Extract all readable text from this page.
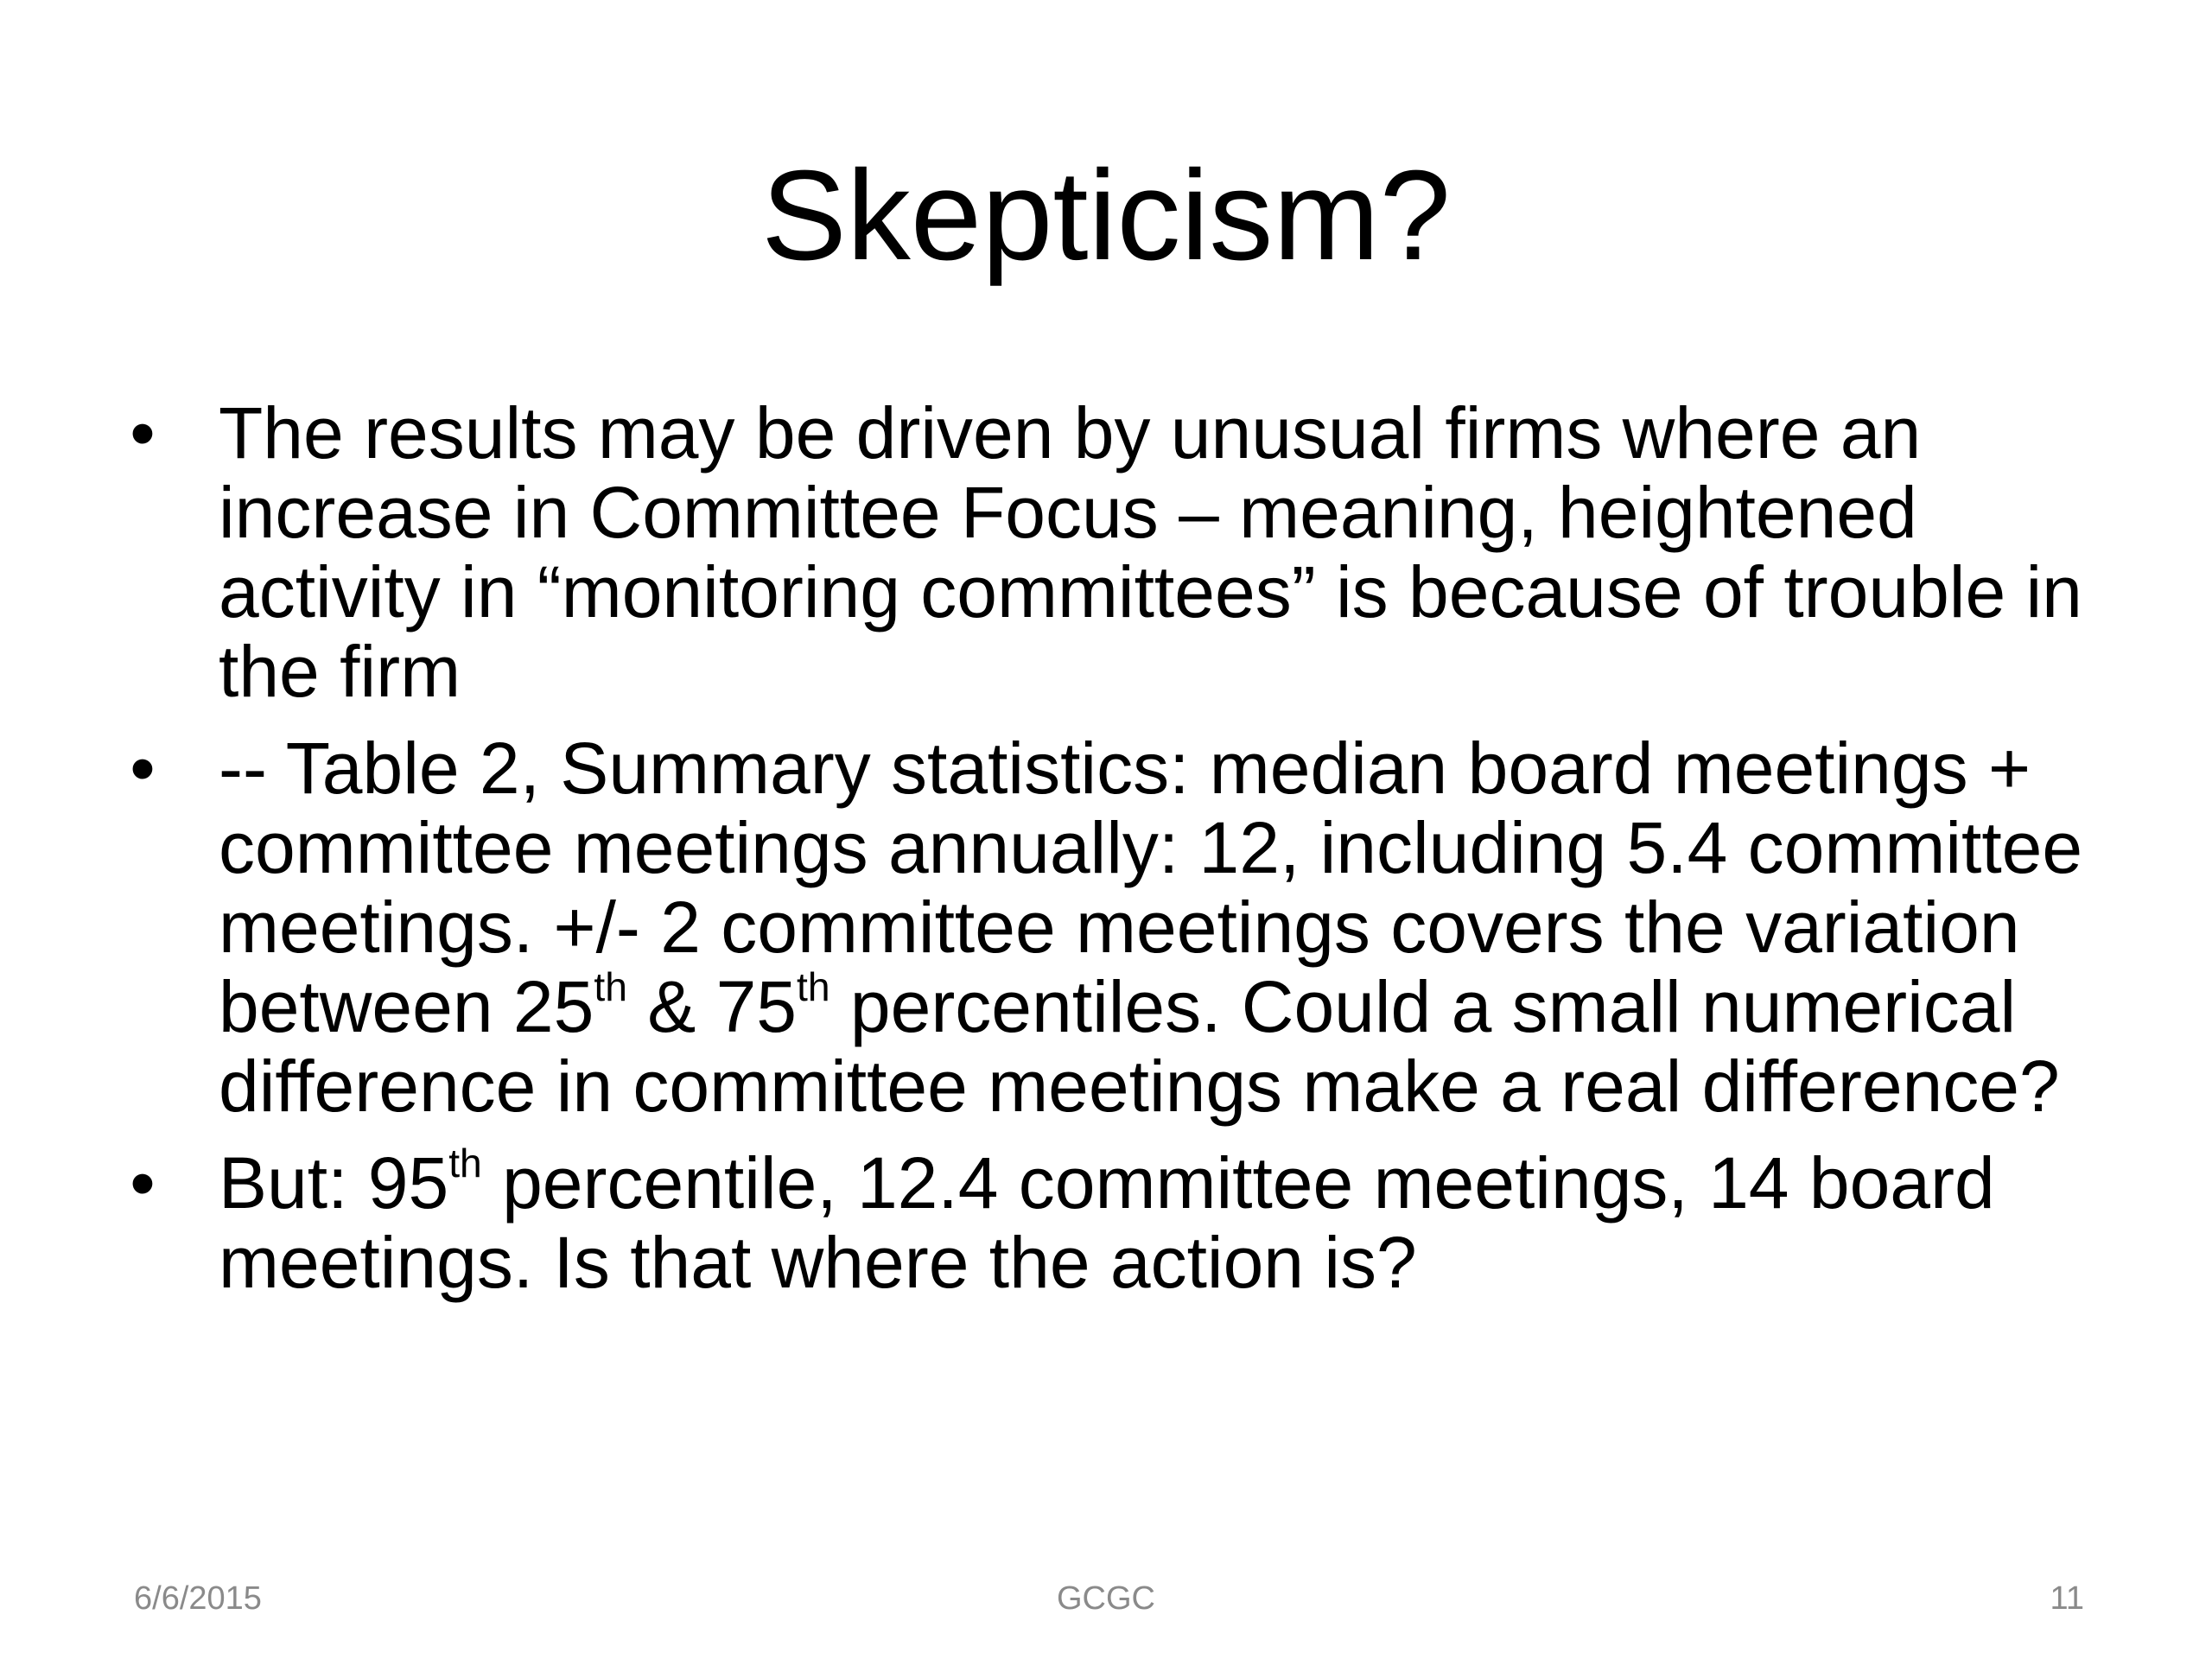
Skepticism?
• The results may be driven by unusual firms where an increase in Committee Focus – meaning, heightened activity in “monitoring committees” is because of trouble in the firm
• -- Table 2, Summary statistics: median board meetings + committee meetings annually: 12, including 5.4 committee meetings. +/- 2 committee meetings covers the variation between 25th & 75th percentiles. Could a small numerical difference in committee meetings make a real difference?
• But: 95th percentile, 12.4 committee meetings, 14 board meetings. Is that where the action is?
6/6/2015	GCGC	11
